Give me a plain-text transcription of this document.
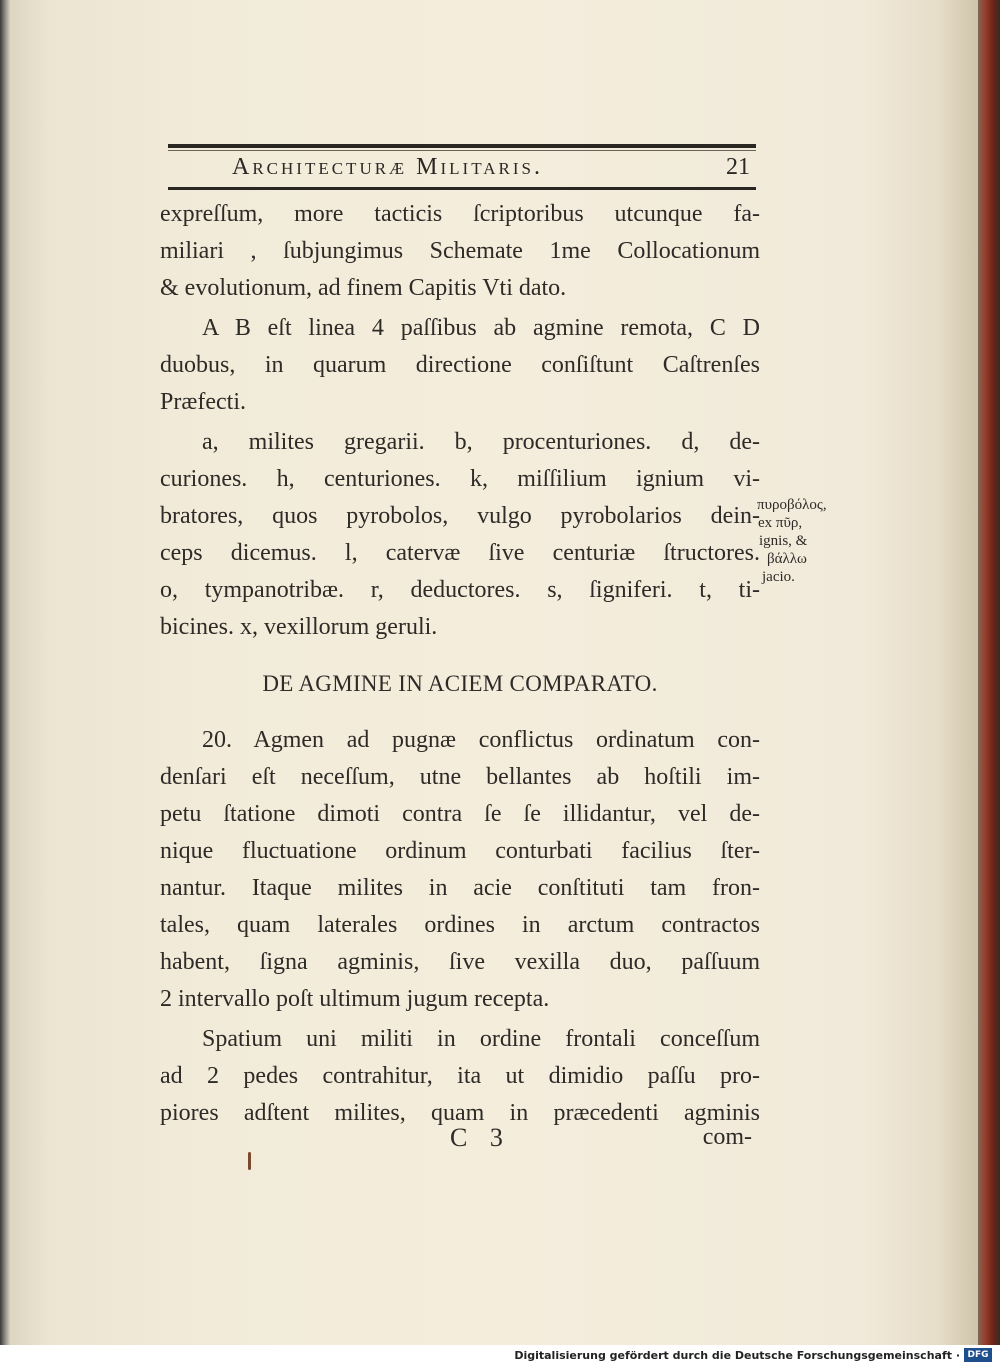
Architecturæ Militaris.	21
expreſſum, more tacticis ſcriptoribus utcunque fa-
miliari , ſubjungimus Schemate 1me Collocationum
& evolutionum, ad finem Capitis Vti dato.
A B eſt linea 4 paſſibus ab agmine remota, C D
duobus, in quarum directione conſiſtunt Caſtrenſes
Præfecti.
a, milites gregarii. b, procenturiones. d, de-
curiones. h, centuriones. k, miſſilium ignium vi-
bratores, quos pyrobolos, vulgo pyrobolarios dein-
ceps dicemus. l, catervæ ſive centuriæ ſtructores.
o, tympanotribæ. r, deductores. s, ſigniferi. t, ti-
bicines. x, vexillorum geruli.
DE AGMINE IN ACIEM COMPARATO.
20. Agmen ad pugnæ conflictus ordinatum con-
denſari eſt neceſſum, utne bellantes ab hoſtili im-
petu ſtatione dimoti contra ſe ſe illidantur, vel de-
nique fluctuatione ordinum conturbati facilius ſter-
nantur. Itaque milites in acie conſtituti tam fron-
tales, quam laterales ordines in arctum contractos
habent, ſigna agminis, ſive vexilla duo, paſſuum
2 intervallo poſt ultimum jugum recepta.
Spatium uni militi in ordine frontali conceſſum
ad 2 pedes contrahitur, ita ut dimidio paſſu pro-
piores adſtent milites, quam in præcedenti agminis
πυροβόλος,
ex πῦρ,
ignis, &
βάλλω
jacio.
C 3	com-
Digitalisierung gefördert durch die Deutsche Forschungsgemeinschaft · DFG
